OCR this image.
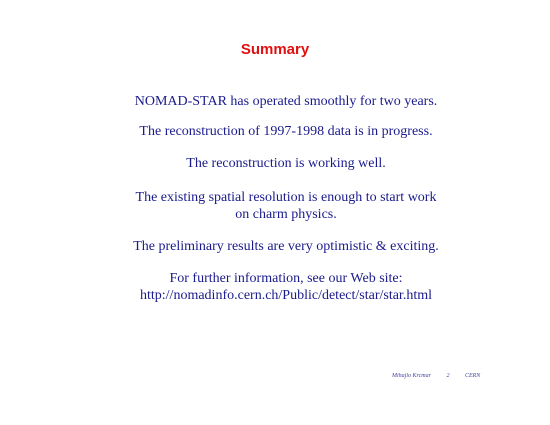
Summary
NOMAD-STAR has operated smoothly for two years.
The reconstruction of 1997-1998 data is in progress.
The reconstruction is working well.
The existing spatial resolution is enough to start work
on charm physics.
The preliminary results are very optimistic & exciting.
For further information, see our Web site:
http://nomadinfo.cern.ch/Public/detect/star/star.html
Mihajlo Krcmar	2	CERN
